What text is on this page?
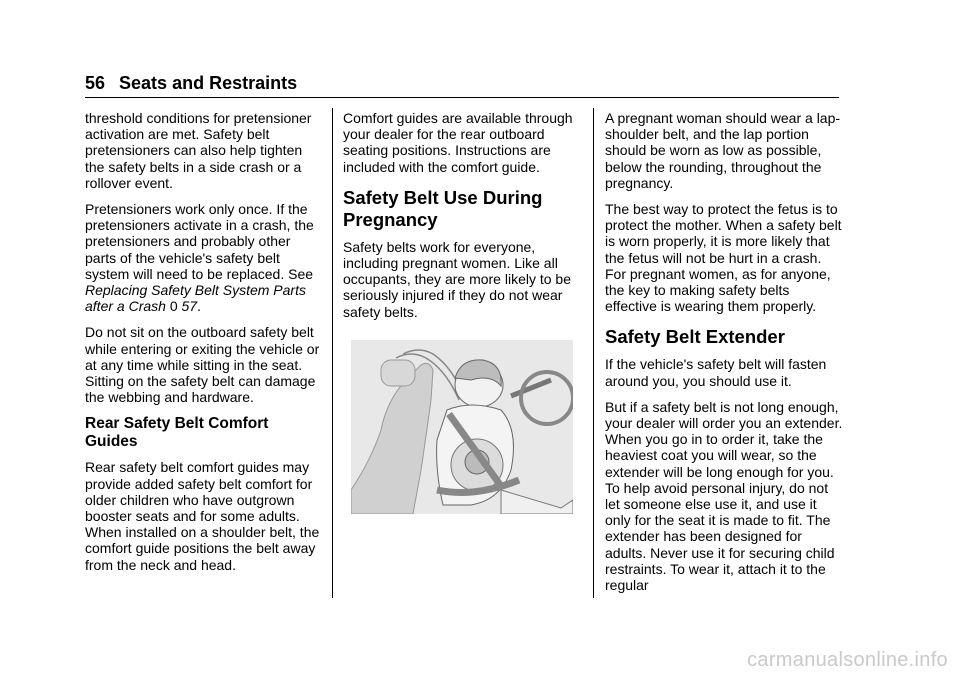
56 Seats and Restraints

threshold conditions for pretensioner activation are met. Safety belt pretensioners can also help tighten the safety belts in a side crash or a rollover event.

Pretensioners work only once. If the pretensioners activate in a crash, the pretensioners and probably other parts of the vehicle's safety belt system will need to be replaced. See Replacing Safety Belt System Parts after a Crash 0 57.

Do not sit on the outboard safety belt while entering or exiting the vehicle or at any time while sitting in the seat. Sitting on the safety belt can damage the webbing and hardware.

Rear Safety Belt Comfort Guides

Rear safety belt comfort guides may provide added safety belt comfort for older children who have outgrown booster seats and for some adults. When installed on a shoulder belt, the comfort guide positions the belt away from the neck and head.

Comfort guides are available through your dealer for the rear outboard seating positions. Instructions are included with the comfort guide.

Safety Belt Use During Pregnancy

Safety belts work for everyone, including pregnant women. Like all occupants, they are more likely to be seriously injured if they do not wear safety belts.

A pregnant woman should wear a lap-shoulder belt, and the lap portion should be worn as low as possible, below the rounding, throughout the pregnancy.

The best way to protect the fetus is to protect the mother. When a safety belt is worn properly, it is more likely that the fetus will not be hurt in a crash. For pregnant women, as for anyone, the key to making safety belts effective is wearing them properly.

Safety Belt Extender

If the vehicle's safety belt will fasten around you, you should use it.

But if a safety belt is not long enough, your dealer will order you an extender. When you go in to order it, take the heaviest coat you will wear, so the extender will be long enough for you. To help avoid personal injury, do not let someone else use it, and use it only for the seat it is made to fit. The extender has been designed for adults. Never use it for securing child restraints. To wear it, attach it to the regular

carmanualsonline.info
